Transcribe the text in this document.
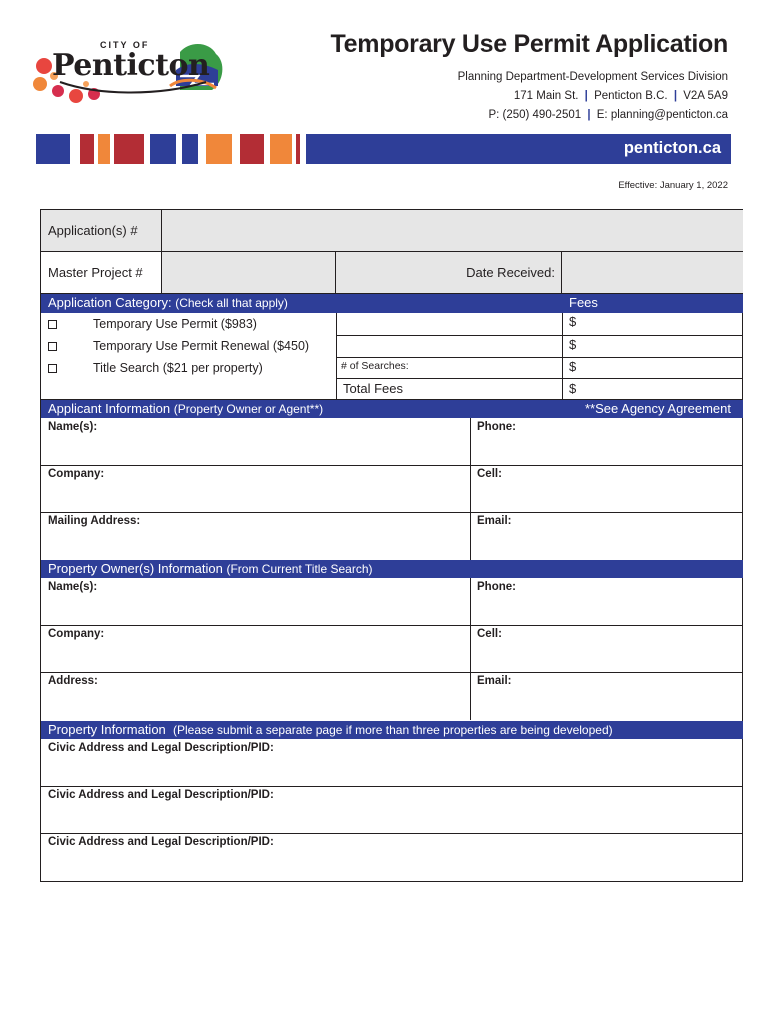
CITY OF
Penticton
Temporary Use Permit Application
Planning Department-Development Services Division
171 Main St. | Penticton B.C. | V2A 5A9
P: (250) 490-2501 | E: planning@penticton.ca
penticton.ca
Effective: January 1, 2022
Application(s) #
Master Project #	Date Received:
Application Category: (Check all that apply)	Fees
Temporary Use Permit ($983)	$
Temporary Use Permit Renewal ($450)	$
Title Search ($21 per property)	# of Searches:	$
Total Fees	$
Applicant Information (Property Owner or Agent**)	**See Agency Agreement
Name(s):	Phone:
Company:	Cell:
Mailing Address:	Email:
Property Owner(s) Information (From Current Title Search)
Name(s):	Phone:
Company:	Cell:
Address:	Email:
Property Information (Please submit a separate page if more than three properties are being developed)
Civic Address and Legal Description/PID:
Civic Address and Legal Description/PID:
Civic Address and Legal Description/PID:
